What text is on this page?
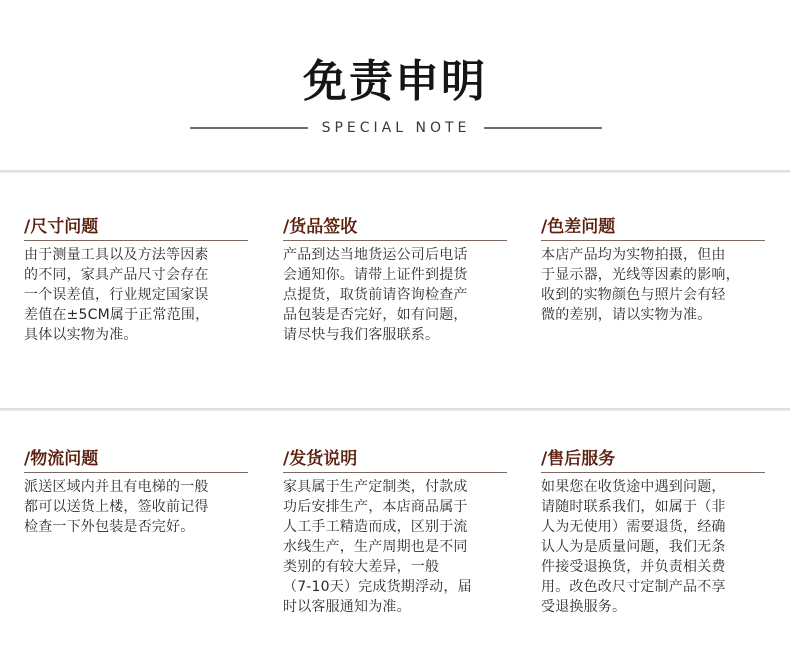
免责申明
SPECIAL NOTE
/尺寸问题

由于测量工具以及方法等因素
的不同，家具产品尺寸会存在
一个误差值，行业规定国家误
差值在±5CM属于正常范围，
具体以实物为准。

/货品签收

产品到达当地货运公司后电话
会通知你。请带上证件到提货
点提货，取货前请咨询检查产
品包装是否完好，如有问题，
请尽快与我们客服联系。

/色差问题

本店产品均为实物拍摄，但由
于显示器，光线等因素的影响，
收到的实物颜色与照片会有轻
微的差别，请以实物为准。

/物流问题

派送区域内并且有电梯的一般
都可以送货上楼，签收前记得
检查一下外包装是否完好。

/发货说明

家具属于生产定制类，付款成
功后安排生产，本店商品属于
人工手工精造而成，区别于流
水线生产，生产周期也是不同
类别的有较大差异，一般
（7-10天）完成货期浮动，届
时以客服通知为准。

/售后服务

如果您在收货途中遇到问题，
请随时联系我们，如属于（非
人为无使用）需要退货，经确
认人为是质量问题，我们无条
件接受退换货，并负责相关费
用。改色改尺寸定制产品不享
受退换服务。
